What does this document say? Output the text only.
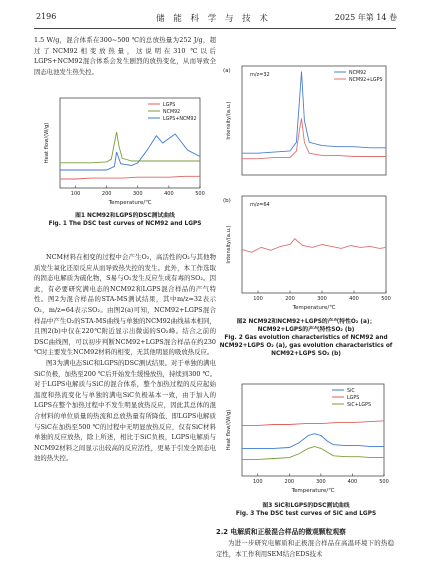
2196	储 能 科 学 与 技 术	2025 年第 14 卷

1.5 W/g，混合体系在300~500 ℃的总放热量为252 J/g，超过了NCM92相变放热量，这说明在310 ℃以后LGPS+NCM92混合体系会发生剧烈的放热变化，从而导致全固态电池发生热失控。

100	200	300	400	500
Temperature/℃
Heat flow/(W/g)
LGPS
NCM92
LGPS+NCM92
图1 NCM92和LGPS的DSC测试曲线
Fig. 1 The DSC test curves of NCM92 and LGPS

NCM材料在相变的过程中会产生O₂，高活性的O₂与其他物质发生氧化还原反应从而导致热失控的发生。此外，本工作选取的固态电解质为硫化物，S易与O₂发生反应生成有毒的SO₂。因此，有必要研究满电态的NCM92和LGPS混合样品的产气特性。图2为混合样品的STA-MS测试结果，其中m/z=32表示O₂，m/z=64表示SO₂。由图2(a)可知，NCM92+LGPS混合样品中产生O₂的STA-MS曲线与单独的NCM92曲线基本相同，且图2(b)中仅在220℃附近显示出微弱的SO₂峰。结合之前的DSC曲线图，可以初步判断NCM92+LGPS混合样品在约230 ℃时主要发生NCM92材料的相变，无其他明显的吸放热反应。

图3为满电态SiC和LGPS的DSC测试结果。对于单独的满电SiC负极，加热至200 ℃后开始发生缓慢放热，持续到300 ℃。对于LGPS电解质与SiC的混合体系，整个加热过程的反应起始温度和热流变化与单独的满电SiC负极基本一致，由于加入的LGPS在整个加热过程中不发生明显放热反应，因此其总体的混合材料的单位质量的热流和总放热量有所降低，即LGPS电解质与SiC在加热至500 ℃的过程中无明显放热反应，仅有SiC材料单独的反应放热，除上所述，相比于SiC负极，LGPS电解质与NCM92材料之间显示出较高的反应活性，更易于引发全固态电池的热失控。

Intensity/(a.u.)
(a)
m/z=32	NCM92
NCM92+LGPS
100	200	300	400	500
Temperature/℃
Intensity/(a.u.)
(b)
m/z=64
图2 NCM92和NCM92+LGPS的产气特性O₂ (a)；NCM92+LGPS的产气特性SO₂ (b)
Fig. 2 Gas evolution characteristics of NCM92 and NCM92+LGPS O₂ (a), gas evolution characteristics of NCM92+LGPS SO₂ (b)
100	200	300	400	500
Temperature/℃
Heat flow/(W/g)
SiC
LGPS
SiC+LGPS
图3 SiC和LGPS的DSC测试曲线
Fig. 3 The DSC test curves of SiC and LGPS
2.2 电解质和正极混合样品的微观颗粒观察

为进一步研究电解质和正极混合样品在高温环境下的热稳定性，本工作利用SEM结合EDS技术
